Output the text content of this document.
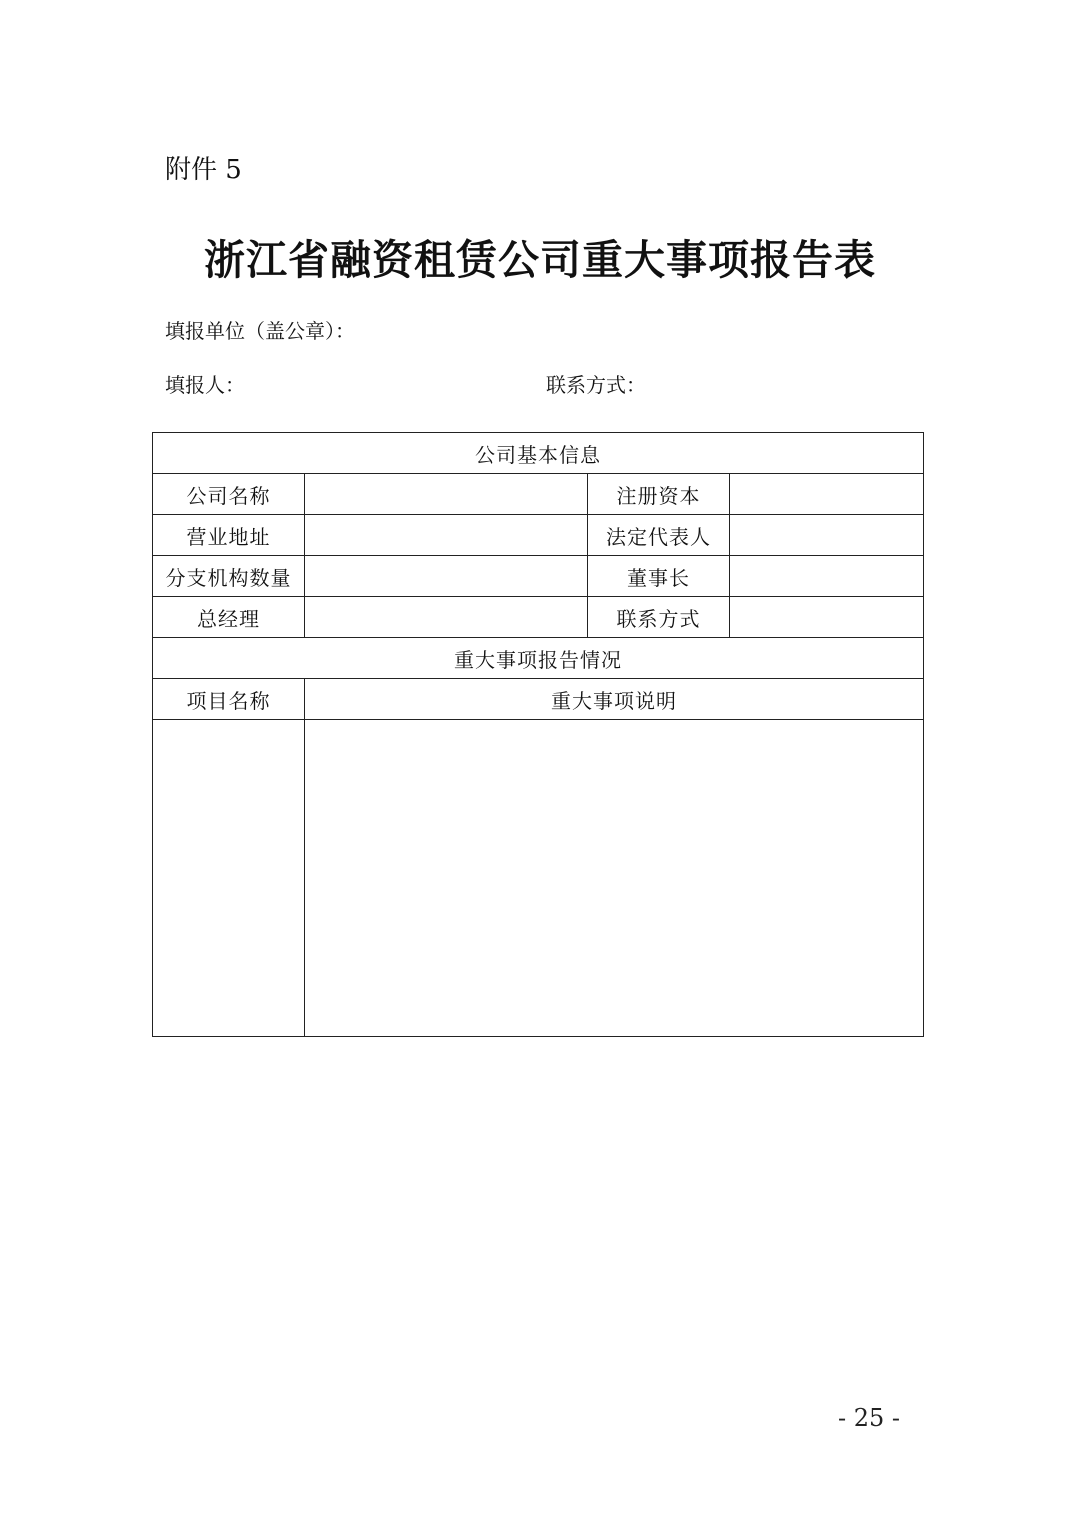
附件 5
浙江省融资租赁公司重大事项报告表
填报单位（盖公章）：
填报人：	联系方式：
公司基本信息			
公司名称		注册资本	
营业地址		法定代表人	
分支机构数量		董事长	
总经理		联系方式	
重大事项报告情况			
项目名称	重大事项说明		

- 25 -
